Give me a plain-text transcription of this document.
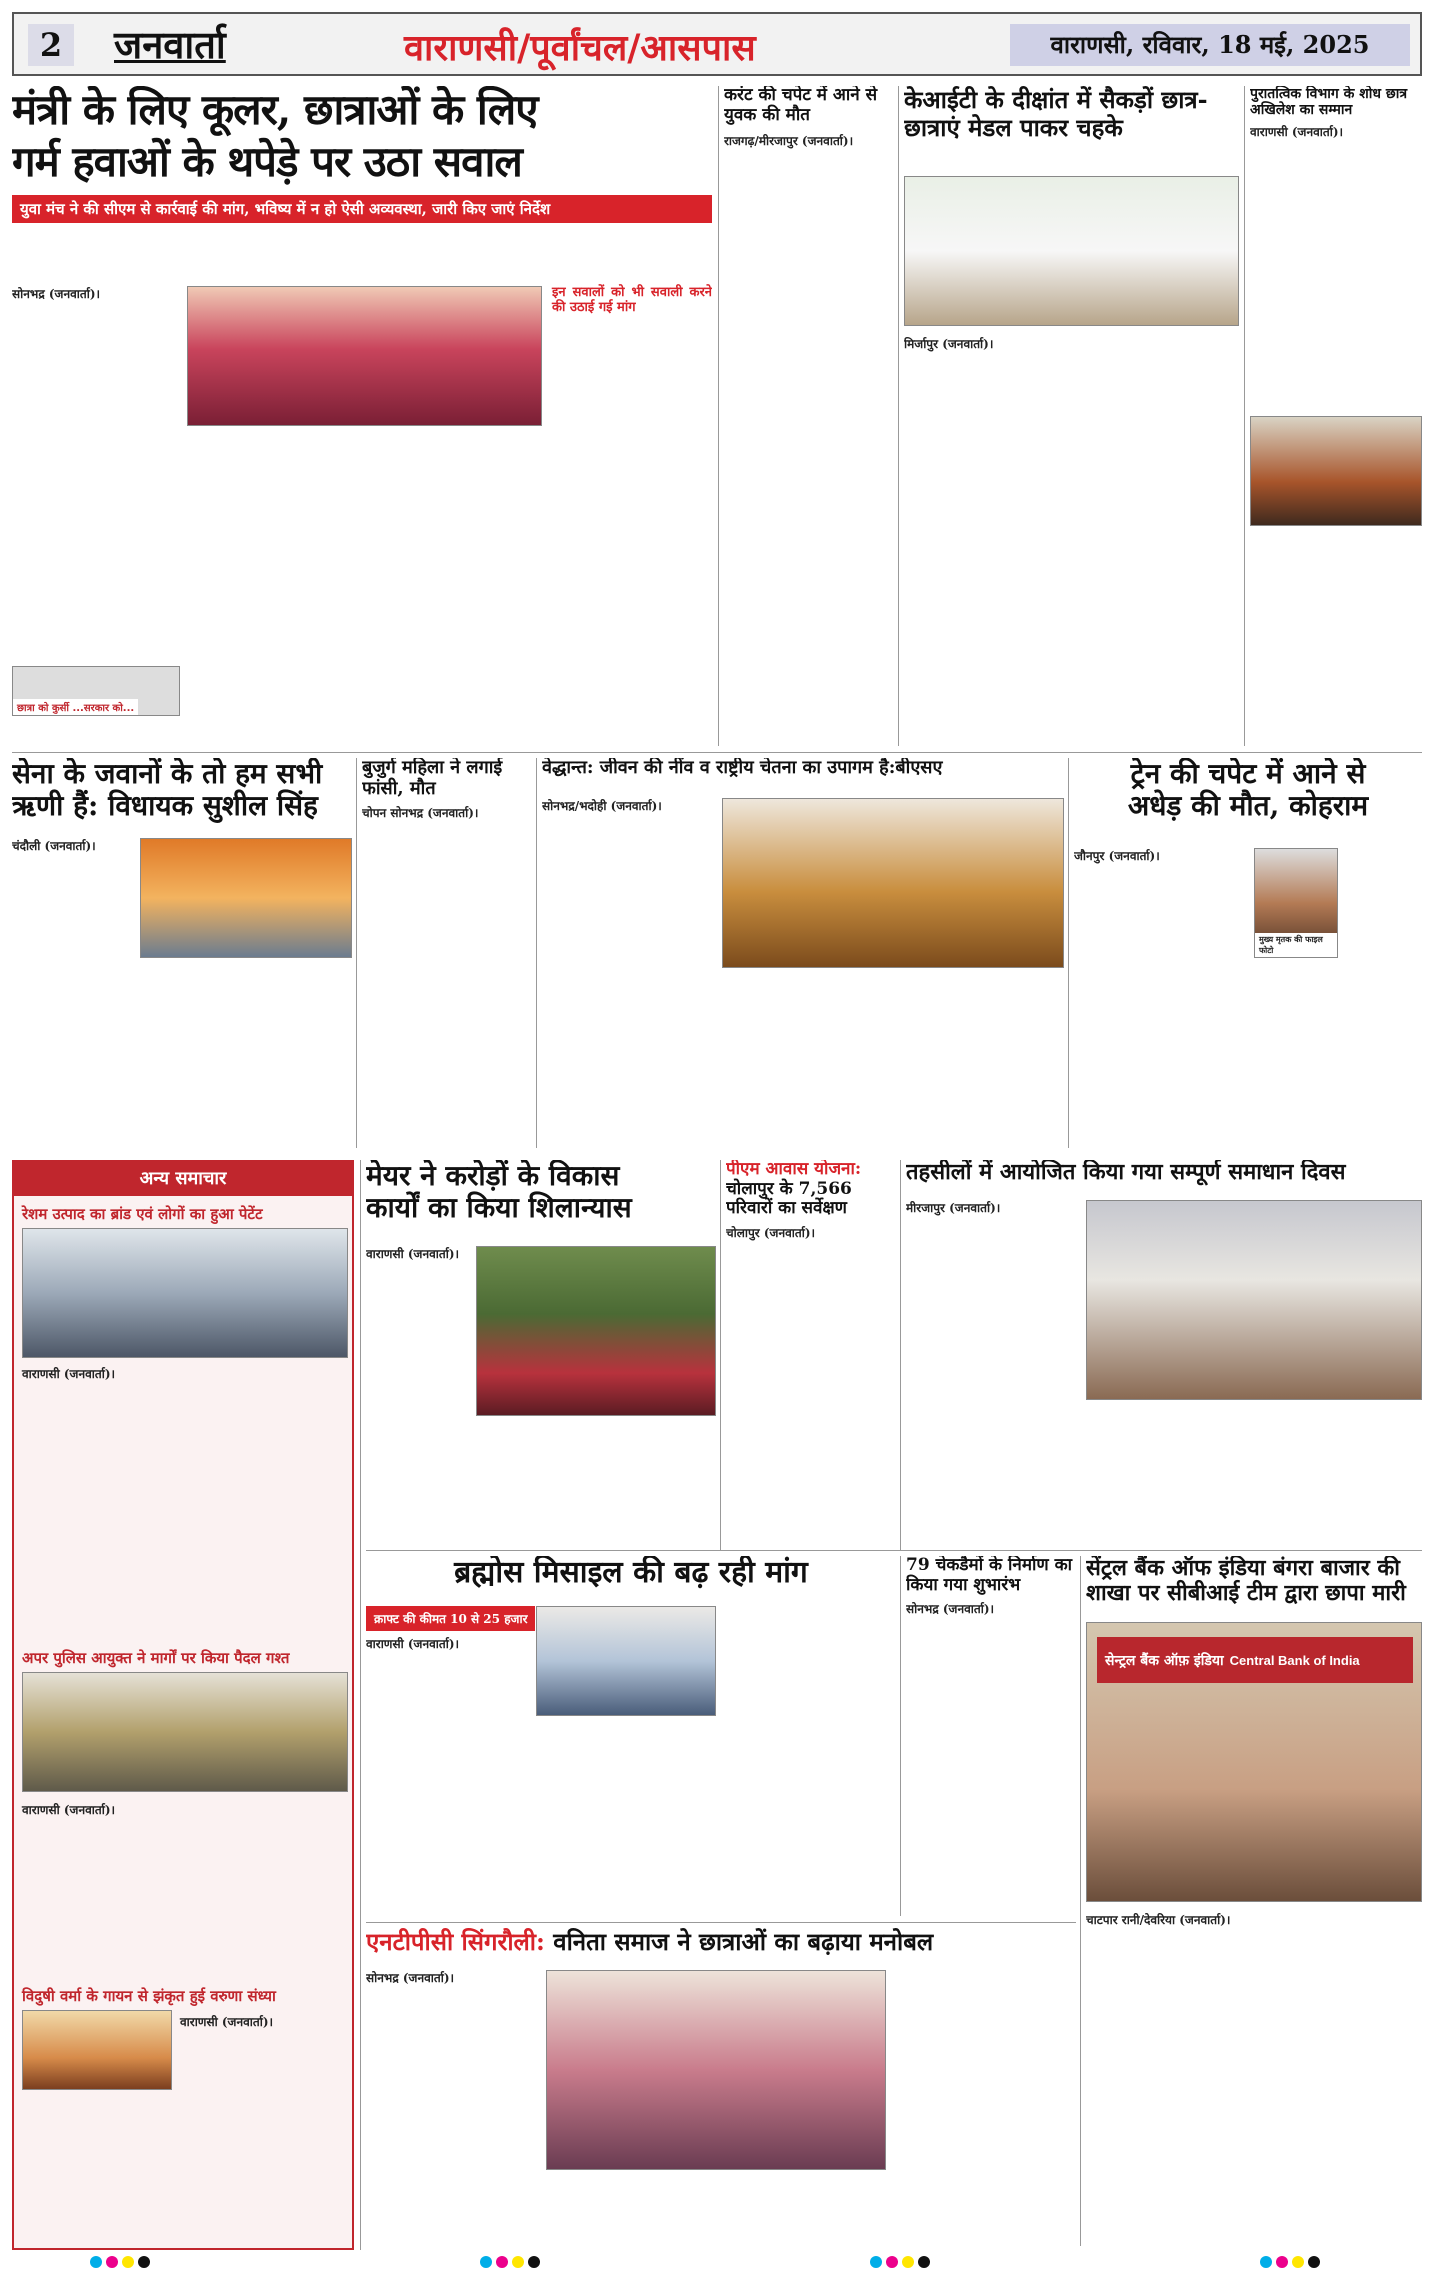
2	जनवार्ता	वाराणसी/पूर्वांचल/आसपास	वाराणसी, रविवार, 18 मई, 2025
मंत्री के लिए कूलर, छात्राओं के लिए
गर्म हवाओं के थपेड़े पर उठा सवाल
युवा मंच ने की सीएम से कार्रवाई की मांग, भविष्य में न हो ऐसी अव्यवस्था, जारी किए जाएं निर्देश
सोनभद्र (जनवार्ता)।	इन सवालों को भी सवाली करने की उठाई गई मांग
छात्रा को कुर्सी ...सरकार को...
करंट की चपेट में आने से युवक की मौत
राजगढ़/मीरजापुर (जनवार्ता)।
केआईटी के दीक्षांत में सैकड़ों छात्र-छात्राएं मेडल पाकर चहके
मिर्जापुर (जनवार्ता)।
पुरातत्विक विभाग के शोध छात्र अखिलेश का सम्मान
वाराणसी (जनवार्ता)।
सेना के जवानों के तो हम सभी
ऋणी हैं: विधायक सुशील सिंह
चंदौली (जनवार्ता)।
बुजुर्ग महिला ने लगाई फांसी, मौत
चोपन सोनभद्र (जनवार्ता)।
वेद्धान्त: जीवन की नींव व राष्ट्रीय चेतना का उपागम है:बीएसए
सोनभद्र/भदोही (जनवार्ता)।
ट्रेन की चपेट में आने से
अधेड़ की मौत, कोहराम
जौनपुर (जनवार्ता)।
मुख्य मृतक की फाइल फोटो
अन्य समाचार
रेशम उत्पाद का ब्रांड एवं लोगों का हुआ पेटेंट
वाराणसी (जनवार्ता)।
अपर पुलिस आयुक्त ने मार्गों पर किया पैदल गश्त
वाराणसी (जनवार्ता)।
विदुषी वर्मा के गायन से झंकृत हुई वरुणा संध्या
वाराणसी (जनवार्ता)।
मेयर ने करोड़ों के विकास
कार्यों का किया शिलान्यास
वाराणसी (जनवार्ता)।
पीएम आवास योजना: चोलापुर के 7,566 परिवारों का सर्वेक्षण
चोलापुर (जनवार्ता)।
तहसीलों में आयोजित किया गया सम्पूर्ण समाधान दिवस
मीरजापुर (जनवार्ता)।
ब्रह्मोस मिसाइल की बढ़ रही मांग
क्राफ्ट की कीमत 10 से 25 हजार
वाराणसी (जनवार्ता)।
79 चेकडैमों के निर्माण का किया गया शुभारंभ
सोनभद्र (जनवार्ता)।
सेंट्रल बैंक ऑफ इंडिया बंगरा बाजार की
शाखा पर सीबीआई टीम द्वारा छापा मारी
सेन्ट्रल बैंक ऑफ़ इंडिया Central Bank of India
चाटपार रानी/देवरिया (जनवार्ता)।
एनटीपीसी सिंगरौली: वनिता समाज ने छात्राओं का बढ़ाया मनोबल
सोनभद्र (जनवार्ता)।
